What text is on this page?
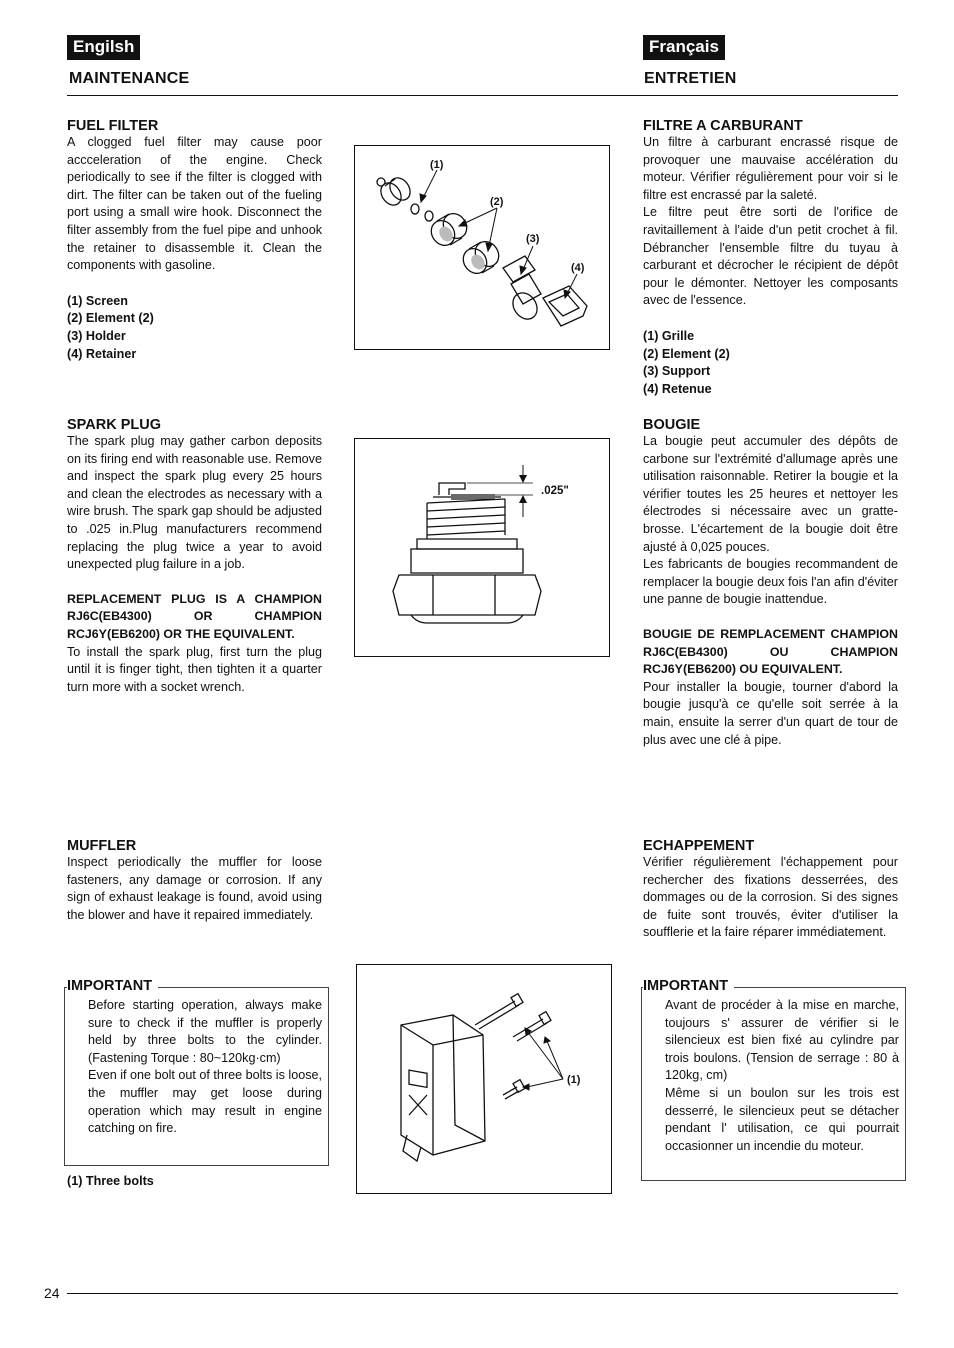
Engilsh	Français
MAINTENANCE	ENTRETIEN
FUEL FILTER

A clogged fuel filter may cause poor accceleration of the engine. Check periodically to see if the filter is clogged with dirt. The filter can be taken out of the fueling port using a small wire hook. Disconnect the filter assembly from the fuel pipe and unhook the retainer to disassemble it. Clean the components with gasoline.

(1) Screen
(2) Element (2)
(3) Holder
(4) Retainer
SPARK PLUG

The spark plug may gather carbon deposits on its firing end with reasonable use. Remove and inspect the spark plug every 25 hours and clean the electrodes as necessary with a wire brush. The spark gap should be adjusted to .025 in.Plug manufacturers recommend replacing the plug twice a year to avoid unexpected plug failure in a job.

REPLACEMENT PLUG IS A CHAMPION RJ6C(EB4300) OR CHAMPION RCJ6Y(EB6200) OR THE EQUIVALENT.

To install the spark plug, first turn the plug until it is finger tight, then tighten it a quarter turn more with a socket wrench.

MUFFLER

Inspect periodically the muffler for loose fasteners, any damage or corrosion. If any sign of exhaust leakage is found, avoid using the blower and have it repaired immediately.

IMPORTANT

Before starting operation, always make sure to check if the muffler is properly held by three bolts to the cylinder. (Fastening Torque : 80~120kg·cm)

Even if one bolt out of three bolts is loose, the muffler may get loose during operation which may result in engine catching on fire.

(1) Three bolts
(1)
(2)
(3)
(4)
.025"
(1)
FILTRE A CARBURANT

Un filtre à carburant encrassé risque de provoquer une mauvaise accélération du moteur. Vérifier régulièrement pour voir si le filtre est encrassé par la saleté.

Le filtre peut être sorti de l'orifice de ravitaillement à l'aide d'un petit crochet à fil. Débrancher l'ensemble filtre du tuyau à carburant et décrocher le récipient de dépôt pour le démonter. Nettoyer les composants avec de l'essence.

(1) Grille
(2) Element (2)
(3) Support
(4) Retenue
BOUGIE

La bougie peut accumuler des dépôts de carbone sur l'extrémité d'allumage après une utilisation raisonnable. Retirer la bougie et la vérifier toutes les 25 heures et nettoyer les électrodes si nécessaire avec un gratte-brosse. L'écartement de la bougie doit être ajusté à 0,025 pouces.

Les fabricants de bougies recommandent de remplacer la bougie deux fois l'an afin d'éviter une panne de bougie inattendue.

BOUGIE DE REMPLACEMENT CHAMPION RJ6C(EB4300) OU CHAMPION RCJ6Y(EB6200) OU EQUIVALENT.

Pour installer la bougie, tourner d'abord la bougie jusqu'à ce qu'elle soit serrée à la main, ensuite la serrer d'un quart de tour de plus avec une clé à pipe.

ECHAPPEMENT

Vérifier régulièrement l'échappement pour rechercher des fixations desserrées, des dommages ou de la corrosion. Si des signes de fuite sont trouvés, éviter d'utiliser la soufflerie et la faire réparer immédiatement.

IMPORTANT

Avant de procéder à la mise en marche, toujours s' assurer de vérifier si le silencieux est bien fixé au cylindre par trois boulons. (Tension de serrage : 80 à 120kg, cm)

Même si un boulon sur les trois est desserré, le silencieux peut se détacher pendant l' utilisation, ce qui pourrait occasionner un incendie du moteur.

24
